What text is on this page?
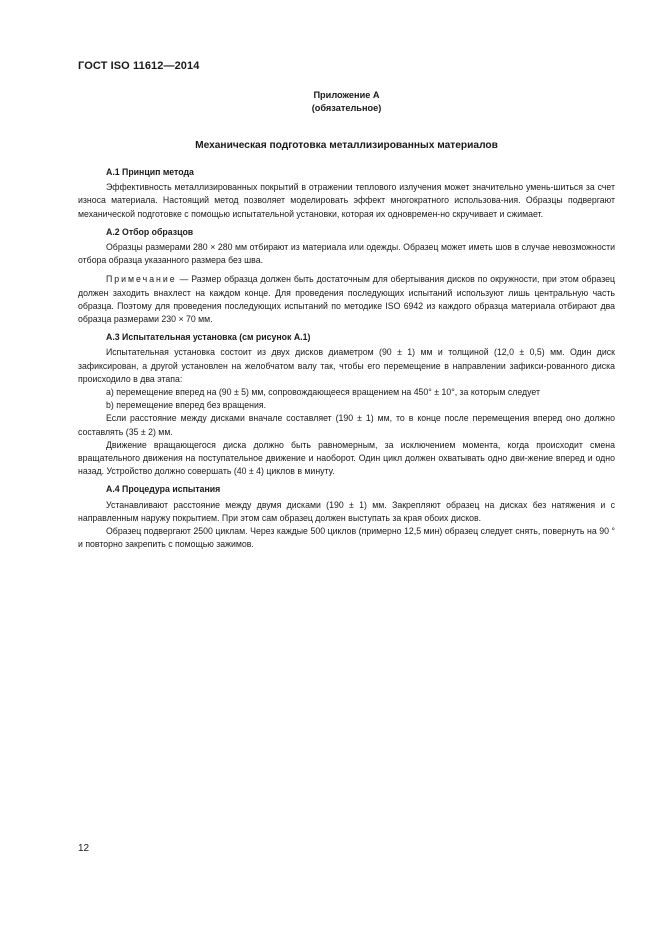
ГОСТ ISO 11612—2014
Приложение А
(обязательное)
Механическая подготовка металлизированных материалов

А.1 Принцип метода

Эффективность металлизированных покрытий в отражении теплового излучения может значительно умень-шиться за счет износа материала. Настоящий метод позволяет моделировать эффект многократного использова-ния. Образцы подвергают механической подготовке с помощью испытательной установки, которая их одновремен-но скручивает и сжимает.

А.2 Отбор образцов

Образцы размерами 280 × 280 мм отбирают из материала или одежды. Образец может иметь шов в случае невозможности отбора образца указанного размера без шва.

Примечание — Размер образца должен быть достаточным для обертывания дисков по окружности, при этом образец должен заходить внахлест на каждом конце. Для проведения последующих испытаний используют лишь центральную часть образца. Поэтому для проведения последующих испытаний по методике ISO 6942 из каждого образца материала отбирают два образца размерами 230 × 70 мм.

А.3 Испытательная установка (см рисунок А.1)

Испытательная установка состоит из двух дисков диаметром (90 ± 1) мм и толщиной (12,0 ± 0,5) мм. Один диск зафиксирован, а другой установлен на желобчатом валу так, чтобы его перемещение в направлении зафикси-рованного диска происходило в два этапа:

a) перемещение вперед на (90 ± 5) мм, сопровождающееся вращением на 450° ± 10°, за которым следует

b) перемещение вперед без вращения.

Если расстояние между дисками вначале составляет (190 ± 1) мм, то в конце после перемещения вперед оно должно составлять (35 ± 2) мм.

Движение вращающегося диска должно быть равномерным, за исключением момента, когда происходит смена вращательного движения на поступательное движение и наоборот. Один цикл должен охватывать одно дви-жение вперед и одно назад. Устройство должно совершать (40 ± 4) циклов в минуту.

А.4 Процедура испытания

Устанавливают расстояние между двумя дисками (190 ± 1) мм. Закрепляют образец на дисках без натяжения и с направленным наружу покрытием. При этом сам образец должен выступать за края обоих дисков.

Образец подвергают 2500 циклам. Через каждые 500 циклов (примерно 12,5 мин) образец следует снять, повернуть на 90 ° и повторно закрепить с помощью зажимов.

12
